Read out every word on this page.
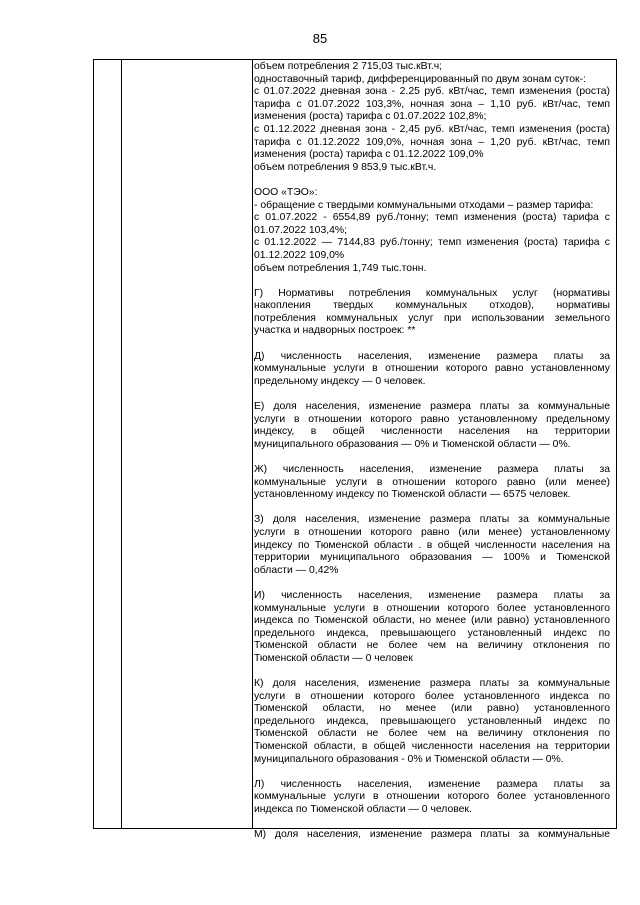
85
объем потребления 2 715,03 тыс.кВт.ч;
одноставочный тариф, дифференцированный по двум зонам суток-:
с 01.07.2022 дневная зона - 2.25 руб. кВт/час, темп изменения (роста)
тарифа с 01.07.2022 103,3%, ночная зона – 1,10 руб. кВт/час, темп
изменения (роста) тарифа с 01.07.2022 102,8%;
с 01.12.2022 дневная зона - 2,45 руб. кВт/час, темп изменения (роста)
тарифа с 01.12.2022 109,0%, ночная зона – 1,20 руб. кВт/час, темп
изменения (роста) тарифа с 01.12.2022 109,0%
объем потребления 9 853,9 тыс.кВт.ч.
ООО «ТЭО»:
- обращение с твердыми коммунальными отходами – размер тарифа:
с 01.07.2022 - 6554,89 руб./тонну; темп изменения (роста) тарифа с
01.07.2022 103,4%;
с 01.12.2022 — 7144,83 руб./тонну; темп изменения (роста) тарифа с
01.12.2022 109,0%
объем потребления 1,749 тыс.тонн.
Г) Нормативы потребления коммунальных услуг (нормативы
накопления твердых коммунальных отходов), нормативы
потребления коммунальных услуг при использовании земельного
участка и надворных построек: **
Д) численность населения, изменение размера платы за
коммунальные услуги в отношении которого равно установленному
предельному индексу — 0 человек.
Е) доля населения, изменение размера платы за коммунальные
услуги в отношении которого равно установленному предельному
индексу, в общей численности населения на территории
муниципального образования — 0% и Тюменской области — 0%.
Ж) численность населения, изменение размера платы за
коммунальные услуги в отношении которого равно (или менее)
установленному индексу по Тюменской области — 6575 человек.
З) доля населения, изменение размера платы за коммунальные
услуги в отношении которого равно (или менее) установленному
индексу по Тюменской области . в общей численности населения на
территории муниципального образования — 100% и Тюменской
области — 0,42%
И) численность населения, изменение размера платы за
коммунальные услуги в отношении которого более установленного
индекса по Тюменской области, но менее (или равно) установленного
предельного индекса, превышающего установленный индекс по
Тюменской области не более чем на величину отклонения по
Тюменской области — 0 человек
К) доля населения, изменение размера платы за коммунальные
услуги в отношении которого более установленного индекса по
Тюменской области, но менее (или равно) установленного
предельного индекса, превышающего установленный индекс по
Тюменской области не более чем на величину отклонения по
Тюменской области, в общей численности населения на территории
муниципального образования - 0% и Тюменской области — 0%.
Л) численность населения, изменение размера платы за
коммунальные услуги в отношении которого более установленного
индекса по Тюменской области — 0 человек.
М) доля населения, изменение размера платы за коммунальные
